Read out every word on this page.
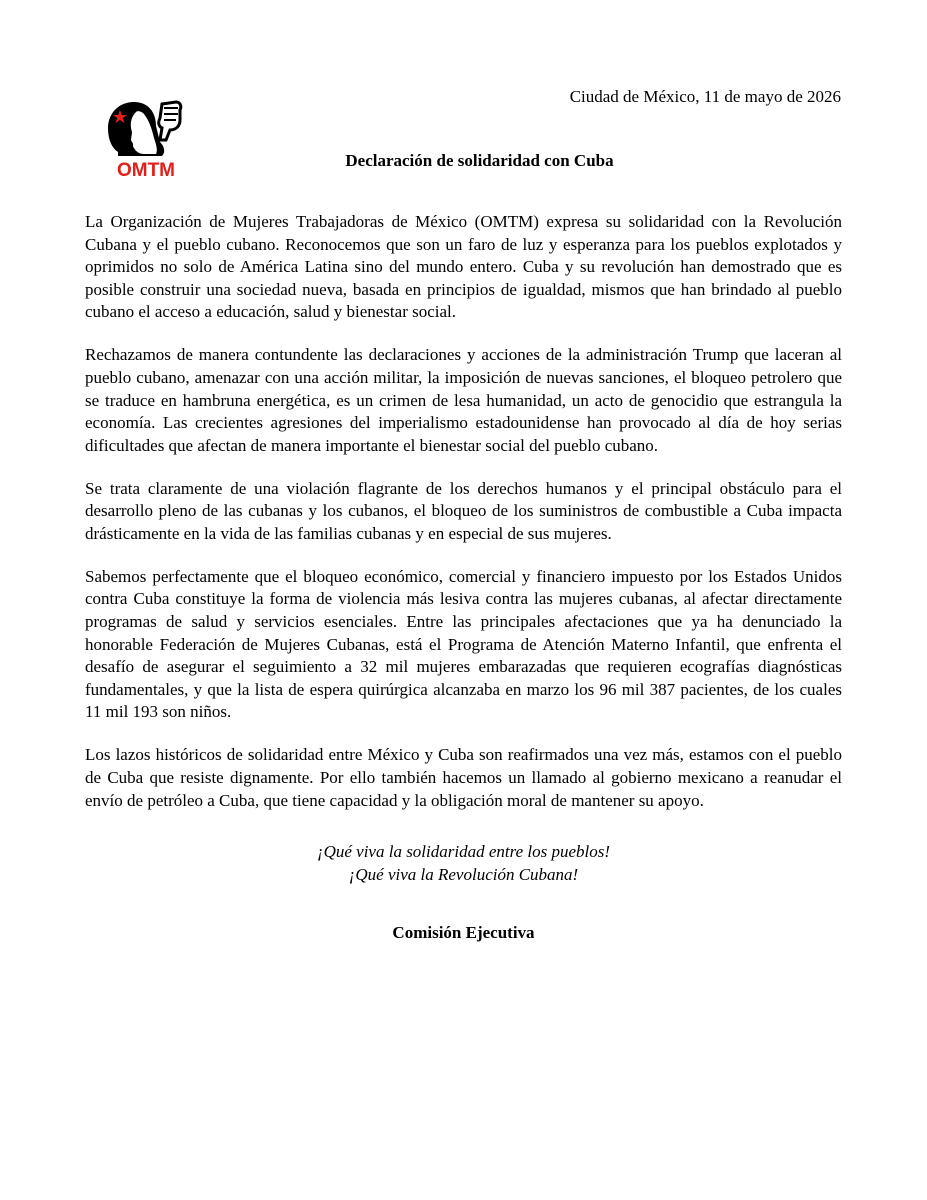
OMTM
Ciudad de México, 11 de mayo de 2026
Declaración de solidaridad con Cuba

La Organización de Mujeres Trabajadoras de México (OMTM) expresa su solidaridad con la Revolución Cubana y el pueblo cubano. Reconocemos que son un faro de luz y esperanza para los pueblos explotados y oprimidos no solo de América Latina sino del mundo entero. Cuba y su revolución han demostrado que es posible construir una sociedad nueva, basada en principios de igualdad, mismos que han brindado al pueblo cubano el acceso a educación, salud y bienestar social.

Rechazamos de manera contundente las declaraciones y acciones de la administración Trump que laceran al pueblo cubano, amenazar con una acción militar, la imposición de nuevas sanciones, el bloqueo petrolero que se traduce en hambruna energética, es un crimen de lesa humanidad, un acto de genocidio que estrangula la economía. Las crecientes agresiones del imperialismo estadounidense han provocado al día de hoy serias dificultades que afectan de manera importante el bienestar social del pueblo cubano.

Se trata claramente de una violación flagrante de los derechos humanos y el principal obstáculo para el desarrollo pleno de las cubanas y los cubanos, el bloqueo de los suministros de combustible a Cuba impacta drásticamente en la vida de las familias cubanas y en especial de sus mujeres.

Sabemos perfectamente que el bloqueo económico, comercial y financiero impuesto por los Estados Unidos contra Cuba constituye la forma de violencia más lesiva contra las mujeres cubanas, al afectar directamente programas de salud y servicios esenciales. Entre las principales afectaciones que ya ha denunciado la honorable Federación de Mujeres Cubanas, está el Programa de Atención Materno Infantil, que enfrenta el desafío de asegurar el seguimiento a 32 mil mujeres embarazadas que requieren ecografías diagnósticas fundamentales, y que la lista de espera quirúrgica alcanzaba en marzo los 96 mil 387 pacientes, de los cuales 11 mil 193 son niños.

Los lazos históricos de solidaridad entre México y Cuba son reafirmados una vez más, estamos con el pueblo de Cuba que resiste dignamente. Por ello también hacemos un llamado al gobierno mexicano a reanudar el envío de petróleo a Cuba, que tiene capacidad y la obligación moral de mantener su apoyo.

¡Qué viva la solidaridad entre los pueblos!
¡Qué viva la Revolución Cubana!
Comisión Ejecutiva
